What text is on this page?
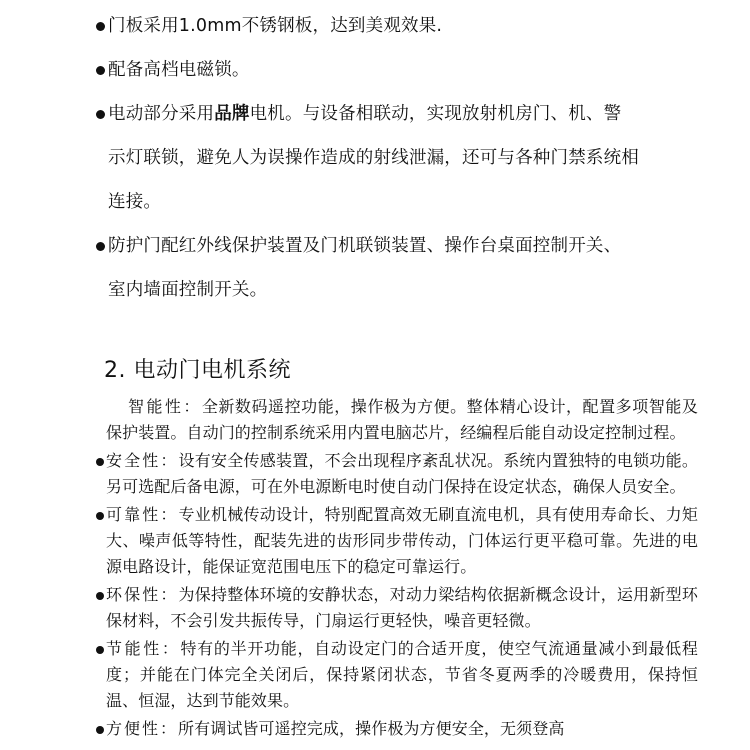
门板采用1.0mm不锈钢板，达到美观效果.
配备高档电磁锁。
电动部分采用品牌电机。与设备相联动，实现放射机房门、机、警
示灯联锁，避免人为误操作造成的射线泄漏，还可与各种门禁系统相
连接。
防护门配红外线保护装置及门机联锁装置、操作台桌面控制开关、
室内墙面控制开关。
2. 电动门电机系统
智能性：全新数码遥控功能，操作极为方便。整体精心设计，配置多项智能及保护装置。自动门的控制系统采用内置电脑芯片，经编程后能自动设定控制过程。
安全性：设有安全传感装置，不会出现程序紊乱状况。系统内置独特的电锁功能。另可选配后备电源，可在外电源断电时使自动门保持在设定状态，确保人员安全。
可靠性：专业机械传动设计，特别配置高效无刷直流电机，具有使用寿命长、力矩大、噪声低等特性，配装先进的齿形同步带传动，门体运行更平稳可靠。先进的电源电路设计，能保证宽范围电压下的稳定可靠运行。
环保性：为保持整体环境的安静状态，对动力梁结构依据新概念设计，运用新型环保材料，不会引发共振传导，门扇运行更轻快，噪音更轻微。
节能性：特有的半开功能，自动设定门的合适开度，使空气流通量减小到最低程度；并能在门体完全关闭后，保持紧闭状态，节省冬夏两季的冷暖费用，保持恒温、恒湿，达到节能效果。
方便性：所有调试皆可遥控完成，操作极为方便安全，无须登高
